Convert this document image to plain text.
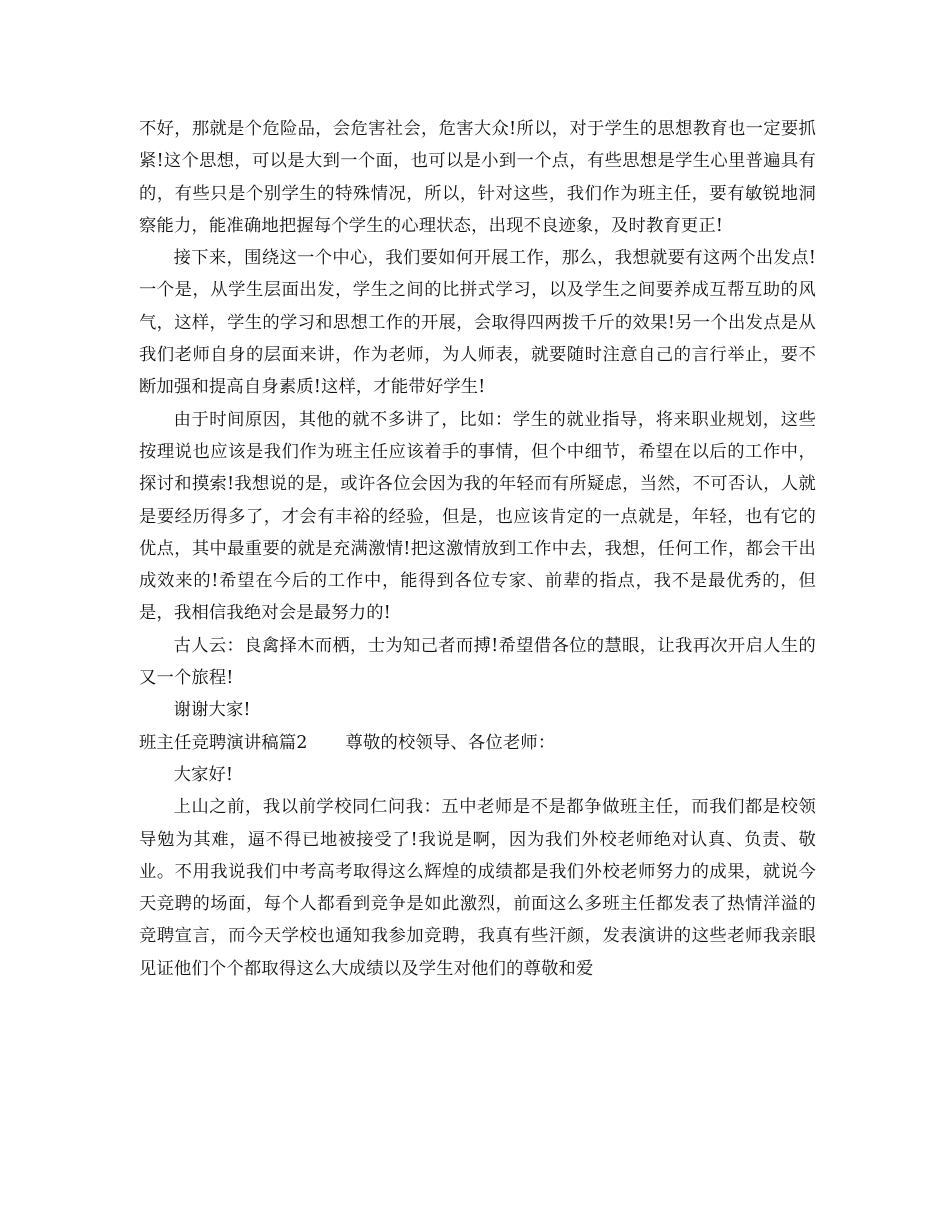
不好，那就是个危险品，会危害社会，危害大众!所以，对于学生的思想教育也一定要抓紧!这个思想，可以是大到一个面，也可以是小到一个点，有些思想是学生心里普遍具有的，有些只是个别学生的特殊情况，所以，针对这些，我们作为班主任，要有敏锐地洞察能力，能准确地把握每个学生的心理状态，出现不良迹象，及时教育更正!

接下来，围绕这一个中心，我们要如何开展工作，那么，我想就要有这两个出发点!一个是，从学生层面出发，学生之间的比拼式学习，以及学生之间要养成互帮互助的风气，这样，学生的学习和思想工作的开展，会取得四两拨千斤的效果!另一个出发点是从我们老师自身的层面来讲，作为老师，为人师表，就要随时注意自己的言行举止，要不断加强和提高自身素质!这样，才能带好学生!

由于时间原因，其他的就不多讲了，比如：学生的就业指导，将来职业规划，这些按理说也应该是我们作为班主任应该着手的事情，但个中细节，希望在以后的工作中，探讨和摸索!我想说的是，或许各位会因为我的年轻而有所疑虑，当然，不可否认，人就是要经历得多了，才会有丰裕的经验，但是，也应该肯定的一点就是，年轻，也有它的优点，其中最重要的就是充满激情!把这激情放到工作中去，我想，任何工作，都会干出成效来的!希望在今后的工作中，能得到各位专家、前辈的指点，我不是最优秀的，但是，我相信我绝对会是最努力的!

古人云：良禽择木而栖，士为知己者而搏!希望借各位的慧眼，让我再次开启人生的又一个旅程!

谢谢大家!

班主任竞聘演讲稿篇2 尊敬的校领导、各位老师：

大家好!

上山之前，我以前学校同仁问我：五中老师是不是都争做班主任，而我们都是校领导勉为其难，逼不得已地被接受了!我说是啊，因为我们外校老师绝对认真、负责、敬业。不用我说我们中考高考取得这么辉煌的成绩都是我们外校老师努力的成果，就说今天竞聘的场面，每个人都看到竞争是如此激烈，前面这么多班主任都发表了热情洋溢的竞聘宣言，而今天学校也通知我参加竞聘，我真有些汗颜，发表演讲的这些老师我亲眼见证他们个个都取得这么大成绩以及学生对他们的尊敬和爱
